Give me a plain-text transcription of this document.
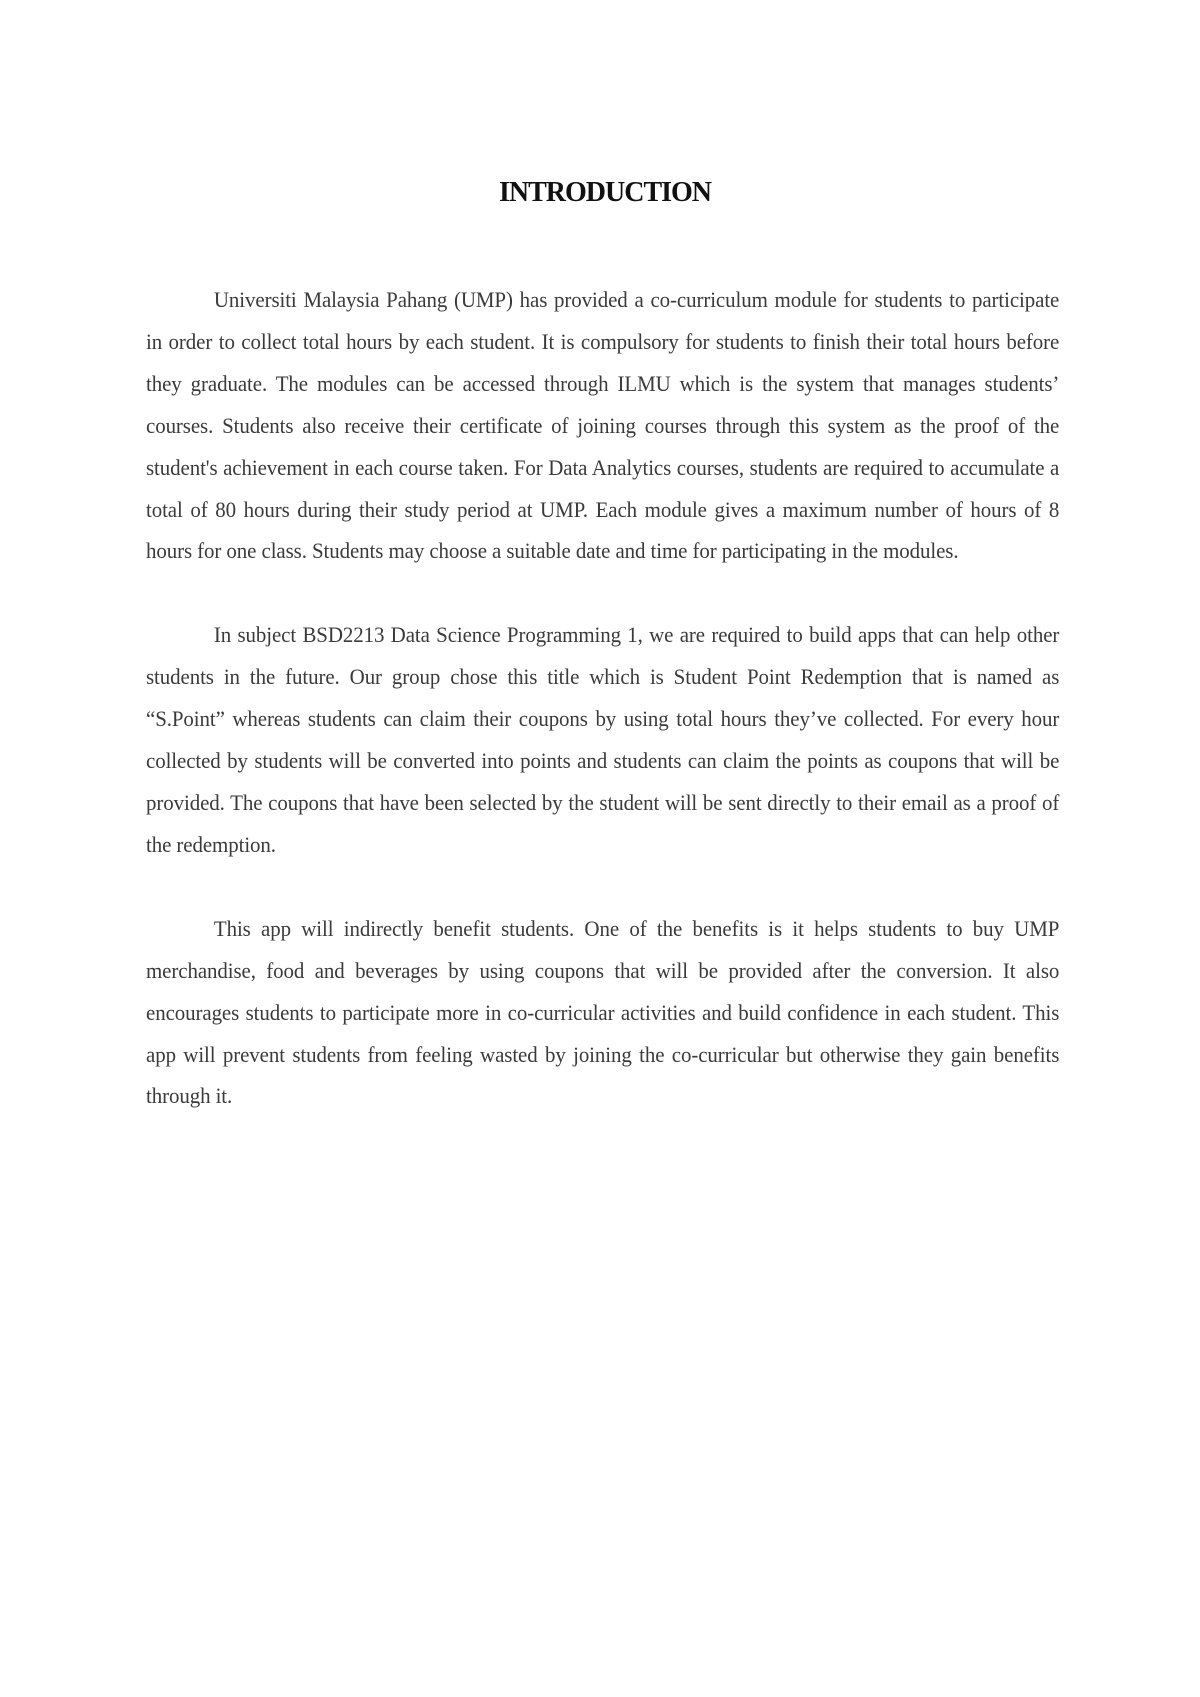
INTRODUCTION

Universiti Malaysia Pahang (UMP) has provided a co-curriculum module for students to participate in order to collect total hours by each student. It is compulsory for students to finish their total hours before they graduate. The modules can be accessed through ILMU which is the system that manages students’ courses. Students also receive their certificate of joining courses through this system as the proof of the student's achievement in each course taken. For Data Analytics courses, students are required to accumulate a total of 80 hours during their study period at UMP. Each module gives a maximum number of hours of 8 hours for one class. Students may choose a suitable date and time for participating in the modules.

In subject BSD2213 Data Science Programming 1, we are required to build apps that can help other students in the future. Our group chose this title which is Student Point Redemption that is named as “S.Point” whereas students can claim their coupons by using total hours they’ve collected. For every hour collected by students will be converted into points and students can claim the points as coupons that will be provided. The coupons that have been selected by the student will be sent directly to their email as a proof of the redemption.

This app will indirectly benefit students. One of the benefits is it helps students to buy UMP merchandise, food and beverages by using coupons that will be provided after the conversion. It also encourages students to participate more in co-curricular activities and build confidence in each student. This app will prevent students from feeling wasted by joining the co-curricular but otherwise they gain benefits through it.
